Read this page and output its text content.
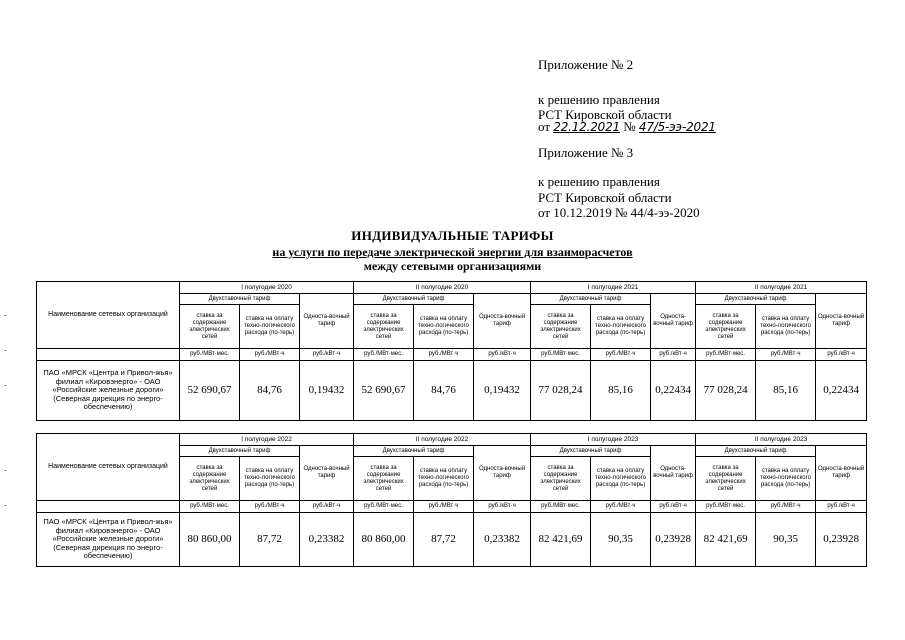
Приложение № 2
к решению правления
РСТ Кировской области
от 22.12.2021 № 47/5-ээ-2021
Приложение № 3
к решению правления
РСТ Кировской области
от 10.12.2019 № 44/4-ээ-2020
ИНДИВИДУАЛЬНЫЕ ТАРИФЫ
на услуги по передаче электрической энергии для взаиморасчетов
между сетевыми организациями
Наименование сетевых организаций	I полугодие 2020			II полугодие 2020			I полугодие 2021			II полугодие 2021		
	Двухставочный тариф		Односта-вочный тариф	Двухставочный тариф		Односта-вочный тариф	Двухставочный тариф		Односта-вочный тариф	Двухставочный тариф		Односта-вочный тариф
	ставка за содержание электрических сетей	ставка на оплату техно-логического расхода (по-терь)		ставка за содержание электрических сетей	ставка на оплату техно-логического расхода (по-терь)		ставка за содержание электрических сетей	ставка на оплату техно-логического расхода (по-терь)		ставка за содержание электрических сетей	ставка на оплату техно-логического расхода (по-терь)	
	руб./МВт·мес.	руб./МВт·ч	руб./кВт·ч	руб./МВт·мес.	руб./МВт·ч	руб./кВт·ч	руб./МВт·мес.	руб./МВт·ч	руб./кВт·ч	руб./МВт·мес.	руб./МВт·ч	руб./кВт·ч
ПАО «МРСК «Центра и Привол-жья» филиал «Кировэнерго» - ОАО «Российские железные дороги» (Северная дирекция по энерго-обеспечению)	52 690,67	84,76	0,19432	52 690,67	84,76	0,19432	77 028,24	85,16	0,22434	77 028,24	85,16	0,22434
Наименование сетевых организаций	I полугодие 2022			II полугодие 2022			I полугодие 2023			II полугодие 2023		
	Двухставочный тариф		Односта-вочный тариф	Двухставочный тариф		Односта-вочный тариф	Двухставочный тариф		Односта-вочный тариф	Двухставочный тариф		Односта-вочный тариф
	ставка за содержание электрических сетей	ставка на оплату техно-логического расхода (по-терь)		ставка за содержание электрических сетей	ставка на оплату техно-логического расхода (по-терь)		ставка за содержание электрических сетей	ставка на оплату техно-логического расхода (по-терь)		ставка за содержание электрических сетей	ставка на оплату техно-логического расхода (по-терь)	
	руб./МВт·мес.	руб./МВт·ч	руб./кВт·ч	руб./МВт·мес.	руб./МВт·ч	руб./кВт·ч	руб./МВт·мес.	руб./МВт·ч	руб./кВт·ч	руб./МВт·мес.	руб./МВт·ч	руб./кВт·ч
ПАО «МРСК «Центра и Привол-жья» филиал «Кировэнерго» - ОАО «Российские железные дороги» (Северная дирекция по энерго-обеспечению)	80 860,00	87,72	0,23382	80 860,00	87,72	0,23382	82 421,69	90,35	0,23928	82 421,69	90,35	0,23928
